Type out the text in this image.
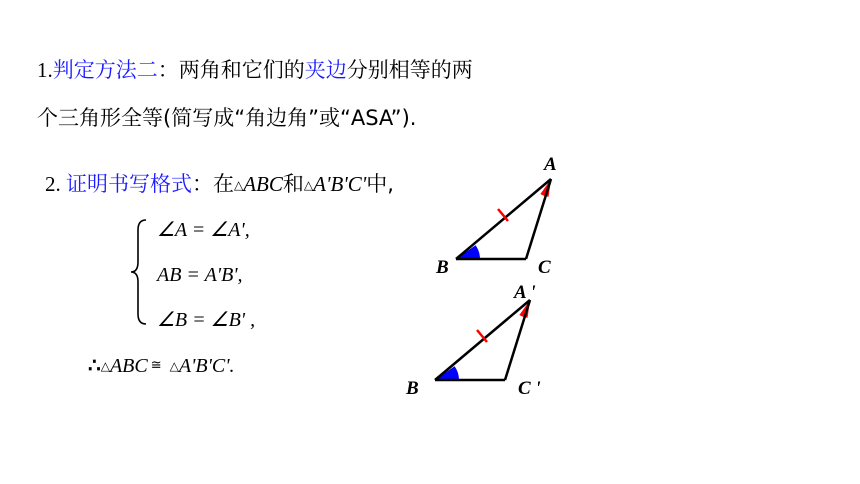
1.判定方法二：两角和它们的夹边分别相等的两
个三角形全等(简写成“角边角”或“ASA”).
2. 证明书写格式：在△ABC和△A'B'C'中,
∠A = ∠A',
AB = A'B',
∠B = ∠B' ,
∴△ABC ≅ △A'B'C'.
A
B	C
A '
B	C '
